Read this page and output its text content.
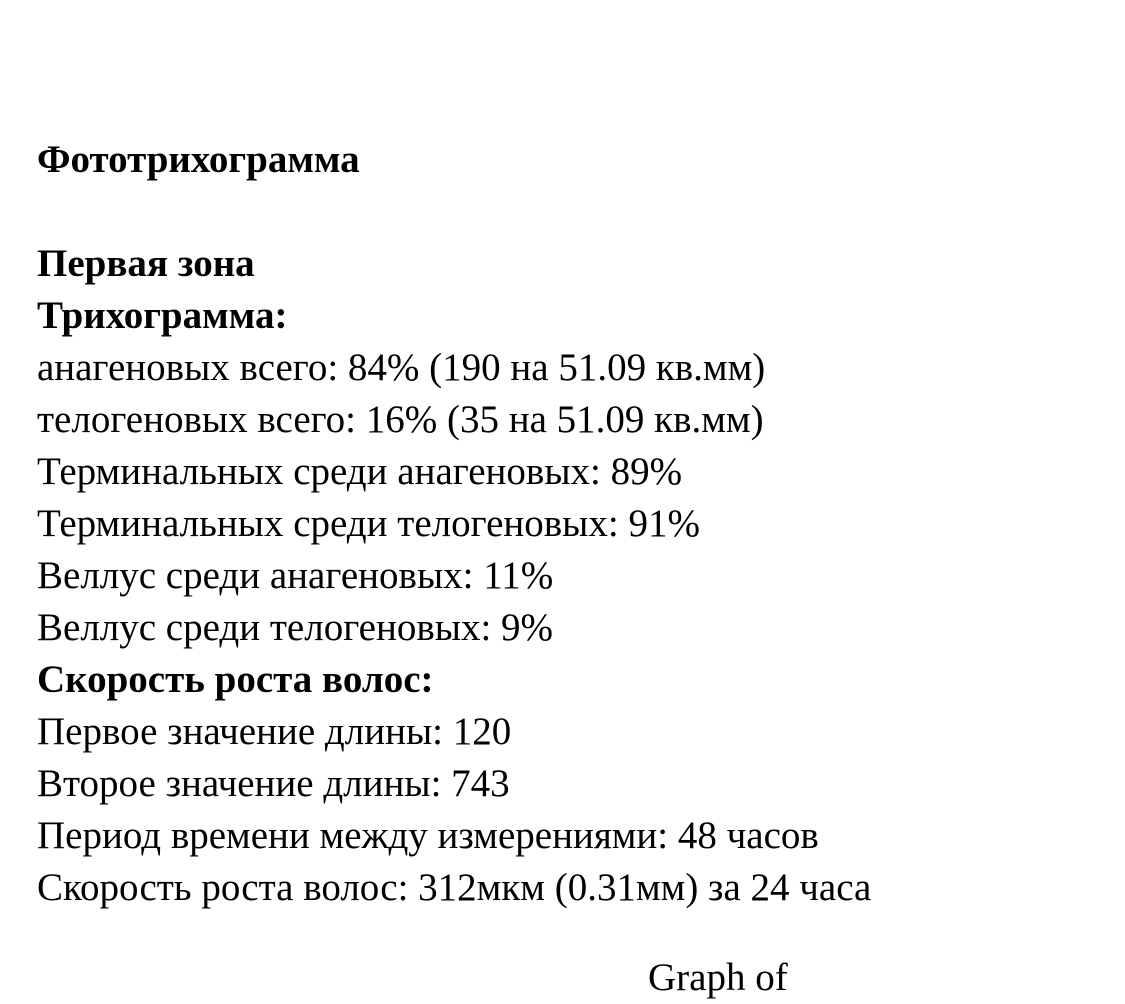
Фототрихограмма
Первая зона
Трихограмма:
анагеновых всего: 84% (190 на 51.09 кв.мм)
телогеновых всего: 16% (35 на 51.09 кв.мм)
Терминальных среди анагеновых: 89%
Терминальных среди телогеновых: 91%
Веллус среди анагеновых: 11%
Веллус среди телогеновых: 9%
Скорость роста волос:
Первое значение длины: 120
Второе значение длины: 743
Период времени между измерениями: 48 часов
Скорость роста волос: 312мкм (0.31мм) за 24 часа
Graph of
